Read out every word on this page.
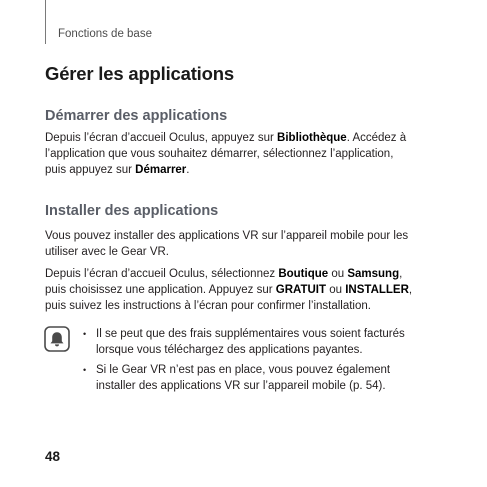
Fonctions de base
Gérer les applications
Démarrer des applications

Depuis l’écran d’accueil Oculus, appuyez sur Bibliothèque. Accédez à
l’application que vous souhaitez démarrer, sélectionnez l’application,
puis appuyez sur Démarrer.

Installer des applications

Vous pouvez installer des applications VR sur l’appareil mobile pour les
utiliser avec le Gear VR.

Depuis l’écran d’accueil Oculus, sélectionnez Boutique ou Samsung,
puis choisissez une application. Appuyez sur GRATUIT ou INSTALLER,
puis suivez les instructions à l’écran pour confirmer l’installation.

• Il se peut que des frais supplémentaires vous soient facturés
lorsque vous téléchargez des applications payantes.
• Si le Gear VR n’est pas en place, vous pouvez également
installer des applications VR sur l’appareil mobile (p. 54).
48
